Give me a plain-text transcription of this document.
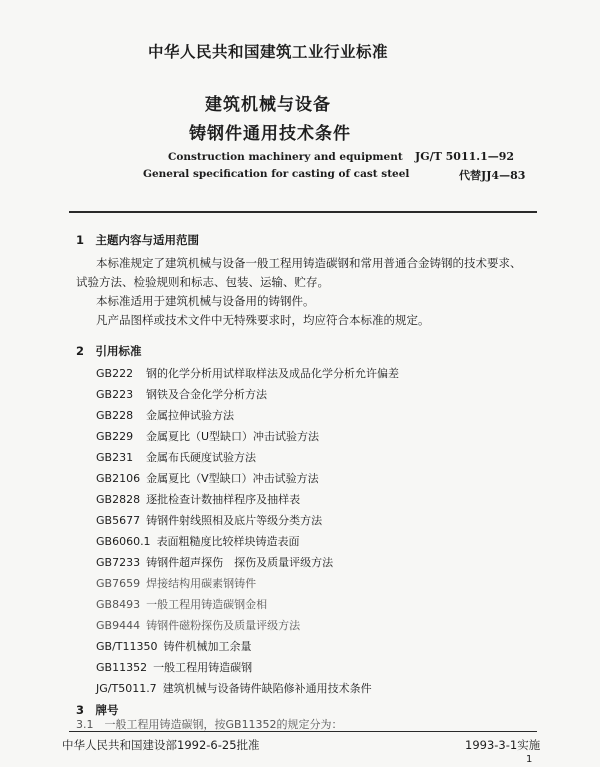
中华人民共和国建筑工业行业标准
建筑机械与设备
铸钢件通用技术条件
Construction machinery and equipment
General specification for casting of cast steel
JG/T 5011.1—92
代替JJ4—83
1　主题内容与适用范围
本标准规定了建筑机械与设备一般工程用铸造碳钢和常用普通合金铸钢的技术要求、
试验方法、检验规则和标志、包装、运输、贮存。
本标准适用于建筑机械与设备用的铸钢件。
凡产品图样或技术文件中无特殊要求时，均应符合本标准的规定。
2　引用标准
GB222 钢的化学分析用试样取样法及成品化学分析允许偏差
GB223 钢铁及合金化学分析方法
GB228 金属拉伸试验方法
GB229 金属夏比（U型缺口）冲击试验方法
GB231 金属布氏硬度试验方法
GB2106 金属夏比（V型缺口）冲击试验方法
GB2828 逐批检查计数抽样程序及抽样表
GB5677 铸钢件射线照相及底片等级分类方法
GB6060.1 表面粗糙度比较样块铸造表面
GB7233 铸钢件超声探伤　探伤及质量评级方法
GB7659 焊接结构用碳素钢铸件
GB8493 一般工程用铸造碳钢金相
GB9444 铸钢件磁粉探伤及质量评级方法
GB/T11350 铸件机械加工余量
GB11352 一般工程用铸造碳钢
JG/T5011.7 建筑机械与设备铸件缺陷修补通用技术条件
3　牌号
3.1　一般工程用铸造碳钢，按GB11352的规定分为：
中华人民共和国建设部1992-6-25批准	1993-3-1实施
1
